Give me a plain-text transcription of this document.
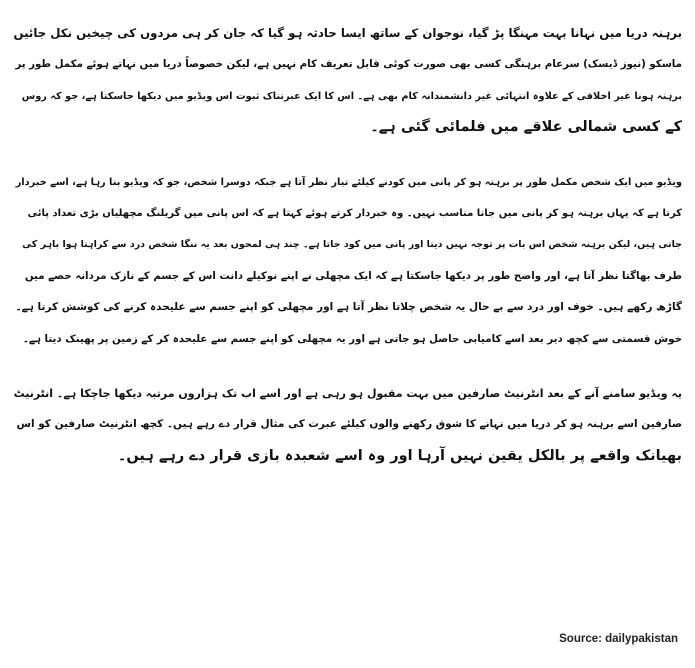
برہنہ دریا میں نہانا بہت مہنگا پڑ گیا، نوجوان کے ساتھ ایسا حادثہ ہو گیا کہ جان کر ہی مردوں کی چیخیں نکل جائیں
ماسکو (نیوز ڈیسک) سرعام برہنگی کسی بھی صورت کوئی قابل تعریف کام نہیں ہے، لیکن خصوصاً دریا میں نہاتے ہوئے مکمل طور پر
برہنہ ہونا غیر اخلاقی کے علاوہ انتہائی غیر دانشمندانہ کام بھی ہے۔ اس کا ایک عبرتناک ثبوت اس ویڈیو میں دیکھا جاسکتا ہے، جو کہ روس
کے کسی شمالی علاقے میں فلمائی گئی ہے۔
ویڈیو میں ایک شخص مکمل طور پر برہنہ ہو کر پانی میں کودنے کیلئے تیار نظر آتا ہے جبکہ دوسرا شخص، جو کہ ویڈیو بنا رہا ہے، اسے خبردار
کرتا ہے کہ یہاں برہنہ ہو کر پانی میں جانا مناسب نہیں۔ وہ خبردار کرتے ہوئے کہتا ہے کہ اس پانی میں گریلنگ مچھلیاں بڑی تعداد پائی
جاتی ہیں، لیکن برہنہ شخص اس بات پر توجہ نہیں دیتا اور پانی میں کود جاتا ہے۔ چند ہی لمحوں بعد یہ ننگا شخص درد سے کراہتا ہوا باہر کی
طرف بھاگتا نظر آتا ہے، اور واضح طور پر دیکھا جاسکتا ہے کہ ایک مچھلی نے اپنے نوکیلے دانت اس کے جسم کے نازک مردانہ حصے میں
گاڑھ رکھے ہیں۔ خوف اور درد سے بے حال یہ شخص چلاتا نظر آتا ہے اور مچھلی کو اپنے جسم سے علیحدہ کرنے کی کوشش کرتا ہے۔
خوش قسمتی سے کچھ دیر بعد اسے کامیابی حاصل ہو جاتی ہے اور یہ مچھلی کو اپنے جسم سے علیحدہ کر کے زمین پر پھینک دیتا ہے۔
یہ ویڈیو سامنے آنے کے بعد انٹرنیٹ صارفین میں بہت مقبول ہو رہی ہے اور اسے اب تک ہزاروں مرتبہ دیکھا جاچکا ہے۔ انٹرنیٹ
صارفین اسے برہنہ ہو کر دریا میں نہانے کا شوق رکھنے والوں کیلئے عبرت کی مثال قرار دے رہے ہیں۔ کچھ انٹرنیٹ صارفین کو اس
بھیانک واقعے پر بالکل یقین نہیں آرہا اور وہ اسے شعبدہ بازی قرار دے رہے ہیں۔
Source: dailypakistan
